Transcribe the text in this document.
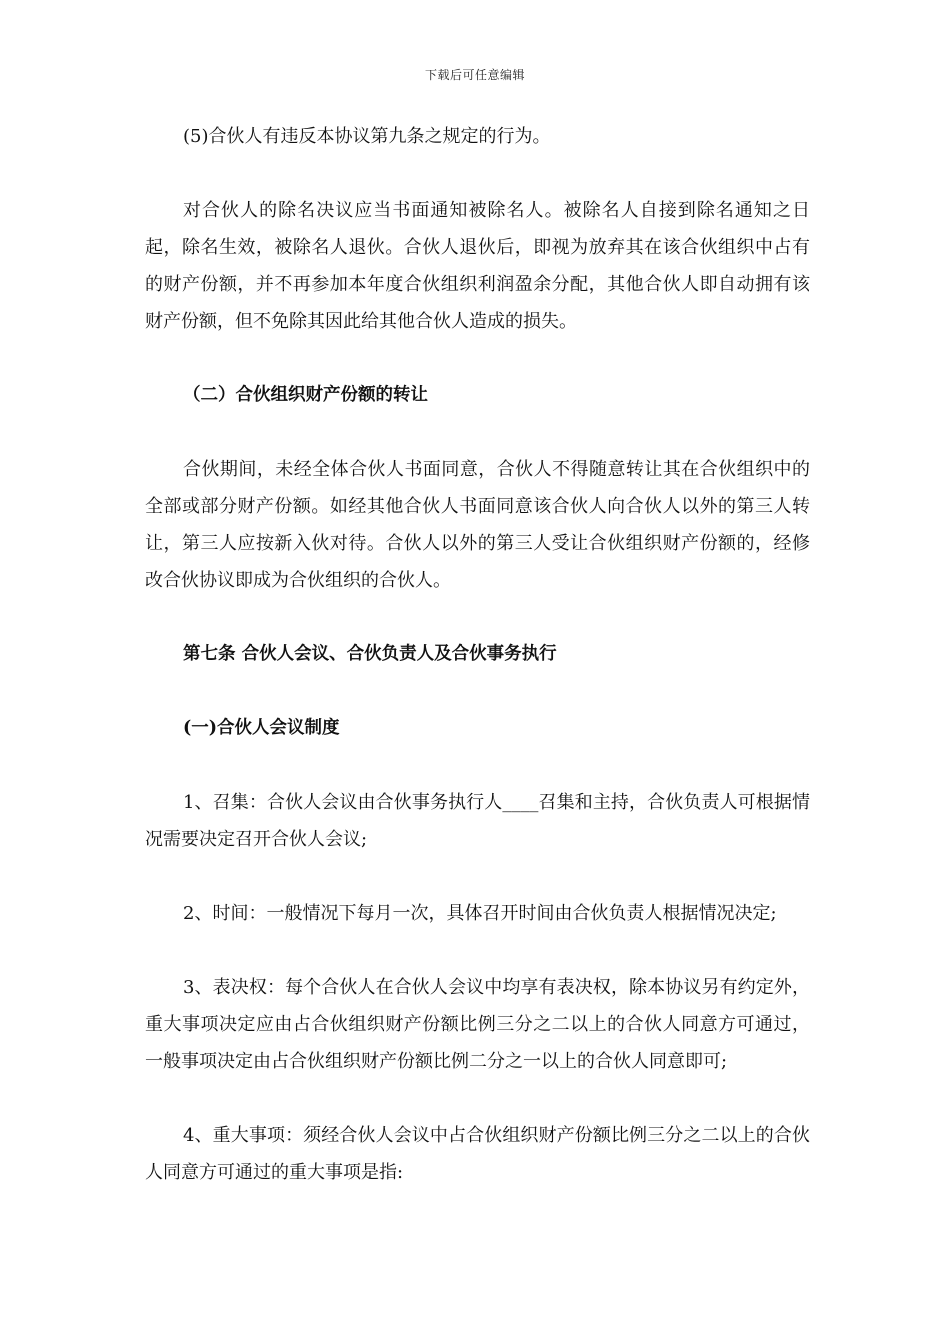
下载后可任意编辑

(5)合伙人有违反本协议第九条之规定的行为。

对合伙人的除名决议应当书面通知被除名人。被除名人自接到除名通知之日起，除名生效，被除名人退伙。合伙人退伙后，即视为放弃其在该合伙组织中占有的财产份额，并不再参加本年度合伙组织利润盈余分配，其他合伙人即自动拥有该财产份额，但不免除其因此给其他合伙人造成的损失。

（二）合伙组织财产份额的转让

合伙期间，未经全体合伙人书面同意，合伙人不得随意转让其在合伙组织中的全部或部分财产份额。如经其他合伙人书面同意该合伙人向合伙人以外的第三人转让，第三人应按新入伙对待。合伙人以外的第三人受让合伙组织财产份额的，经修改合伙协议即成为合伙组织的合伙人。

第七条 合伙人会议、合伙负责人及合伙事务执行

(一)合伙人会议制度

1、召集：合伙人会议由合伙事务执行人____召集和主持，合伙负责人可根据情况需要决定召开合伙人会议;

2、时间：一般情况下每月一次，具体召开时间由合伙负责人根据情况决定;

3、表决权：每个合伙人在合伙人会议中均享有表决权，除本协议另有约定外，重大事项决定应由占合伙组织财产份额比例三分之二以上的合伙人同意方可通过，一般事项决定由占合伙组织财产份额比例二分之一以上的合伙人同意即可;

4、重大事项：须经合伙人会议中占合伙组织财产份额比例三分之二以上的合伙人同意方可通过的重大事项是指:
